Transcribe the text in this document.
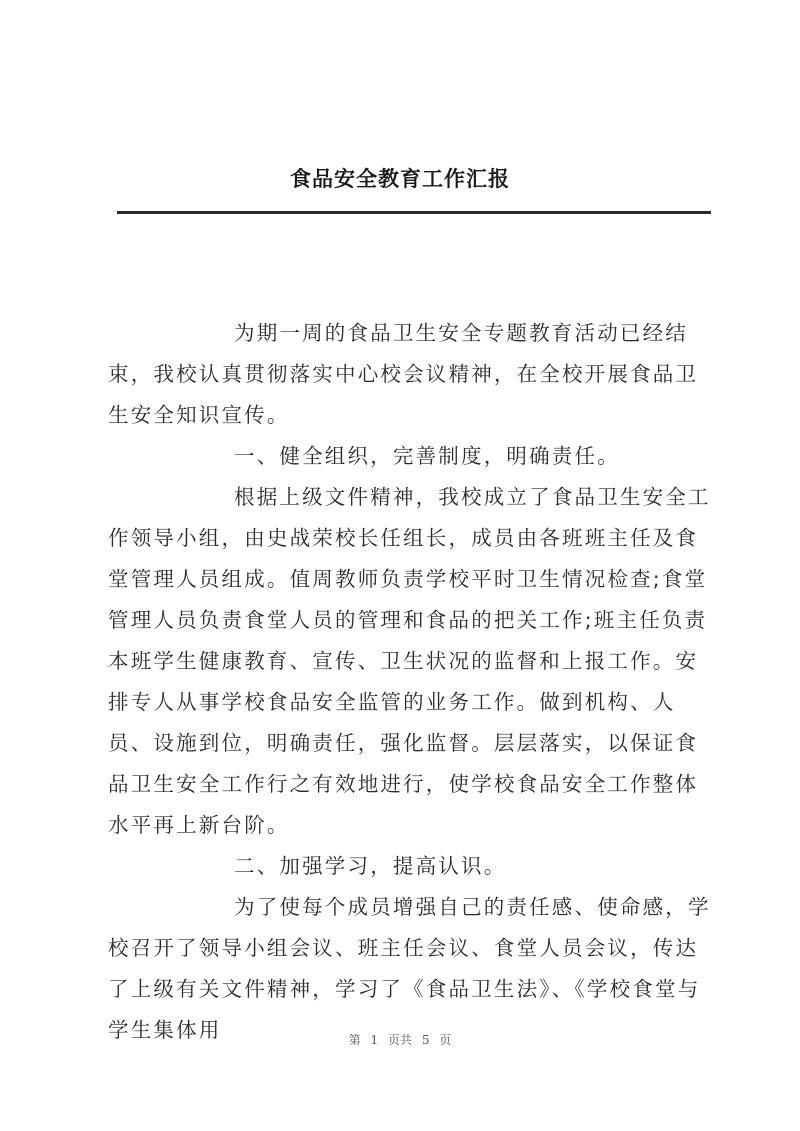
食品安全教育工作汇报

为期一周的食品卫生安全专题教育活动已经结束，我校认真贯彻落实中心校会议精神，在全校开展食品卫生安全知识宣传。

一、健全组织，完善制度，明确责任。

根据上级文件精神，我校成立了食品卫生安全工作领导小组，由史战荣校长任组长，成员由各班班主任及食堂管理人员组成。值周教师负责学校平时卫生情况检查;食堂管理人员负责食堂人员的管理和食品的把关工作;班主任负责本班学生健康教育、宣传、卫生状况的监督和上报工作。安排专人从事学校食品安全监管的业务工作。做到机构、人员、设施到位，明确责任，强化监督。层层落实，以保证食品卫生安全工作行之有效地进行，使学校食品安全工作整体水平再上新台阶。

二、加强学习，提高认识。

为了使每个成员增强自己的责任感、使命感，学校召开了领导小组会议、班主任会议、食堂人员会议，传达了上级有关文件精神，学习了《食品卫生法》、《学校食堂与学生集体用	第 1 页共 5 页
